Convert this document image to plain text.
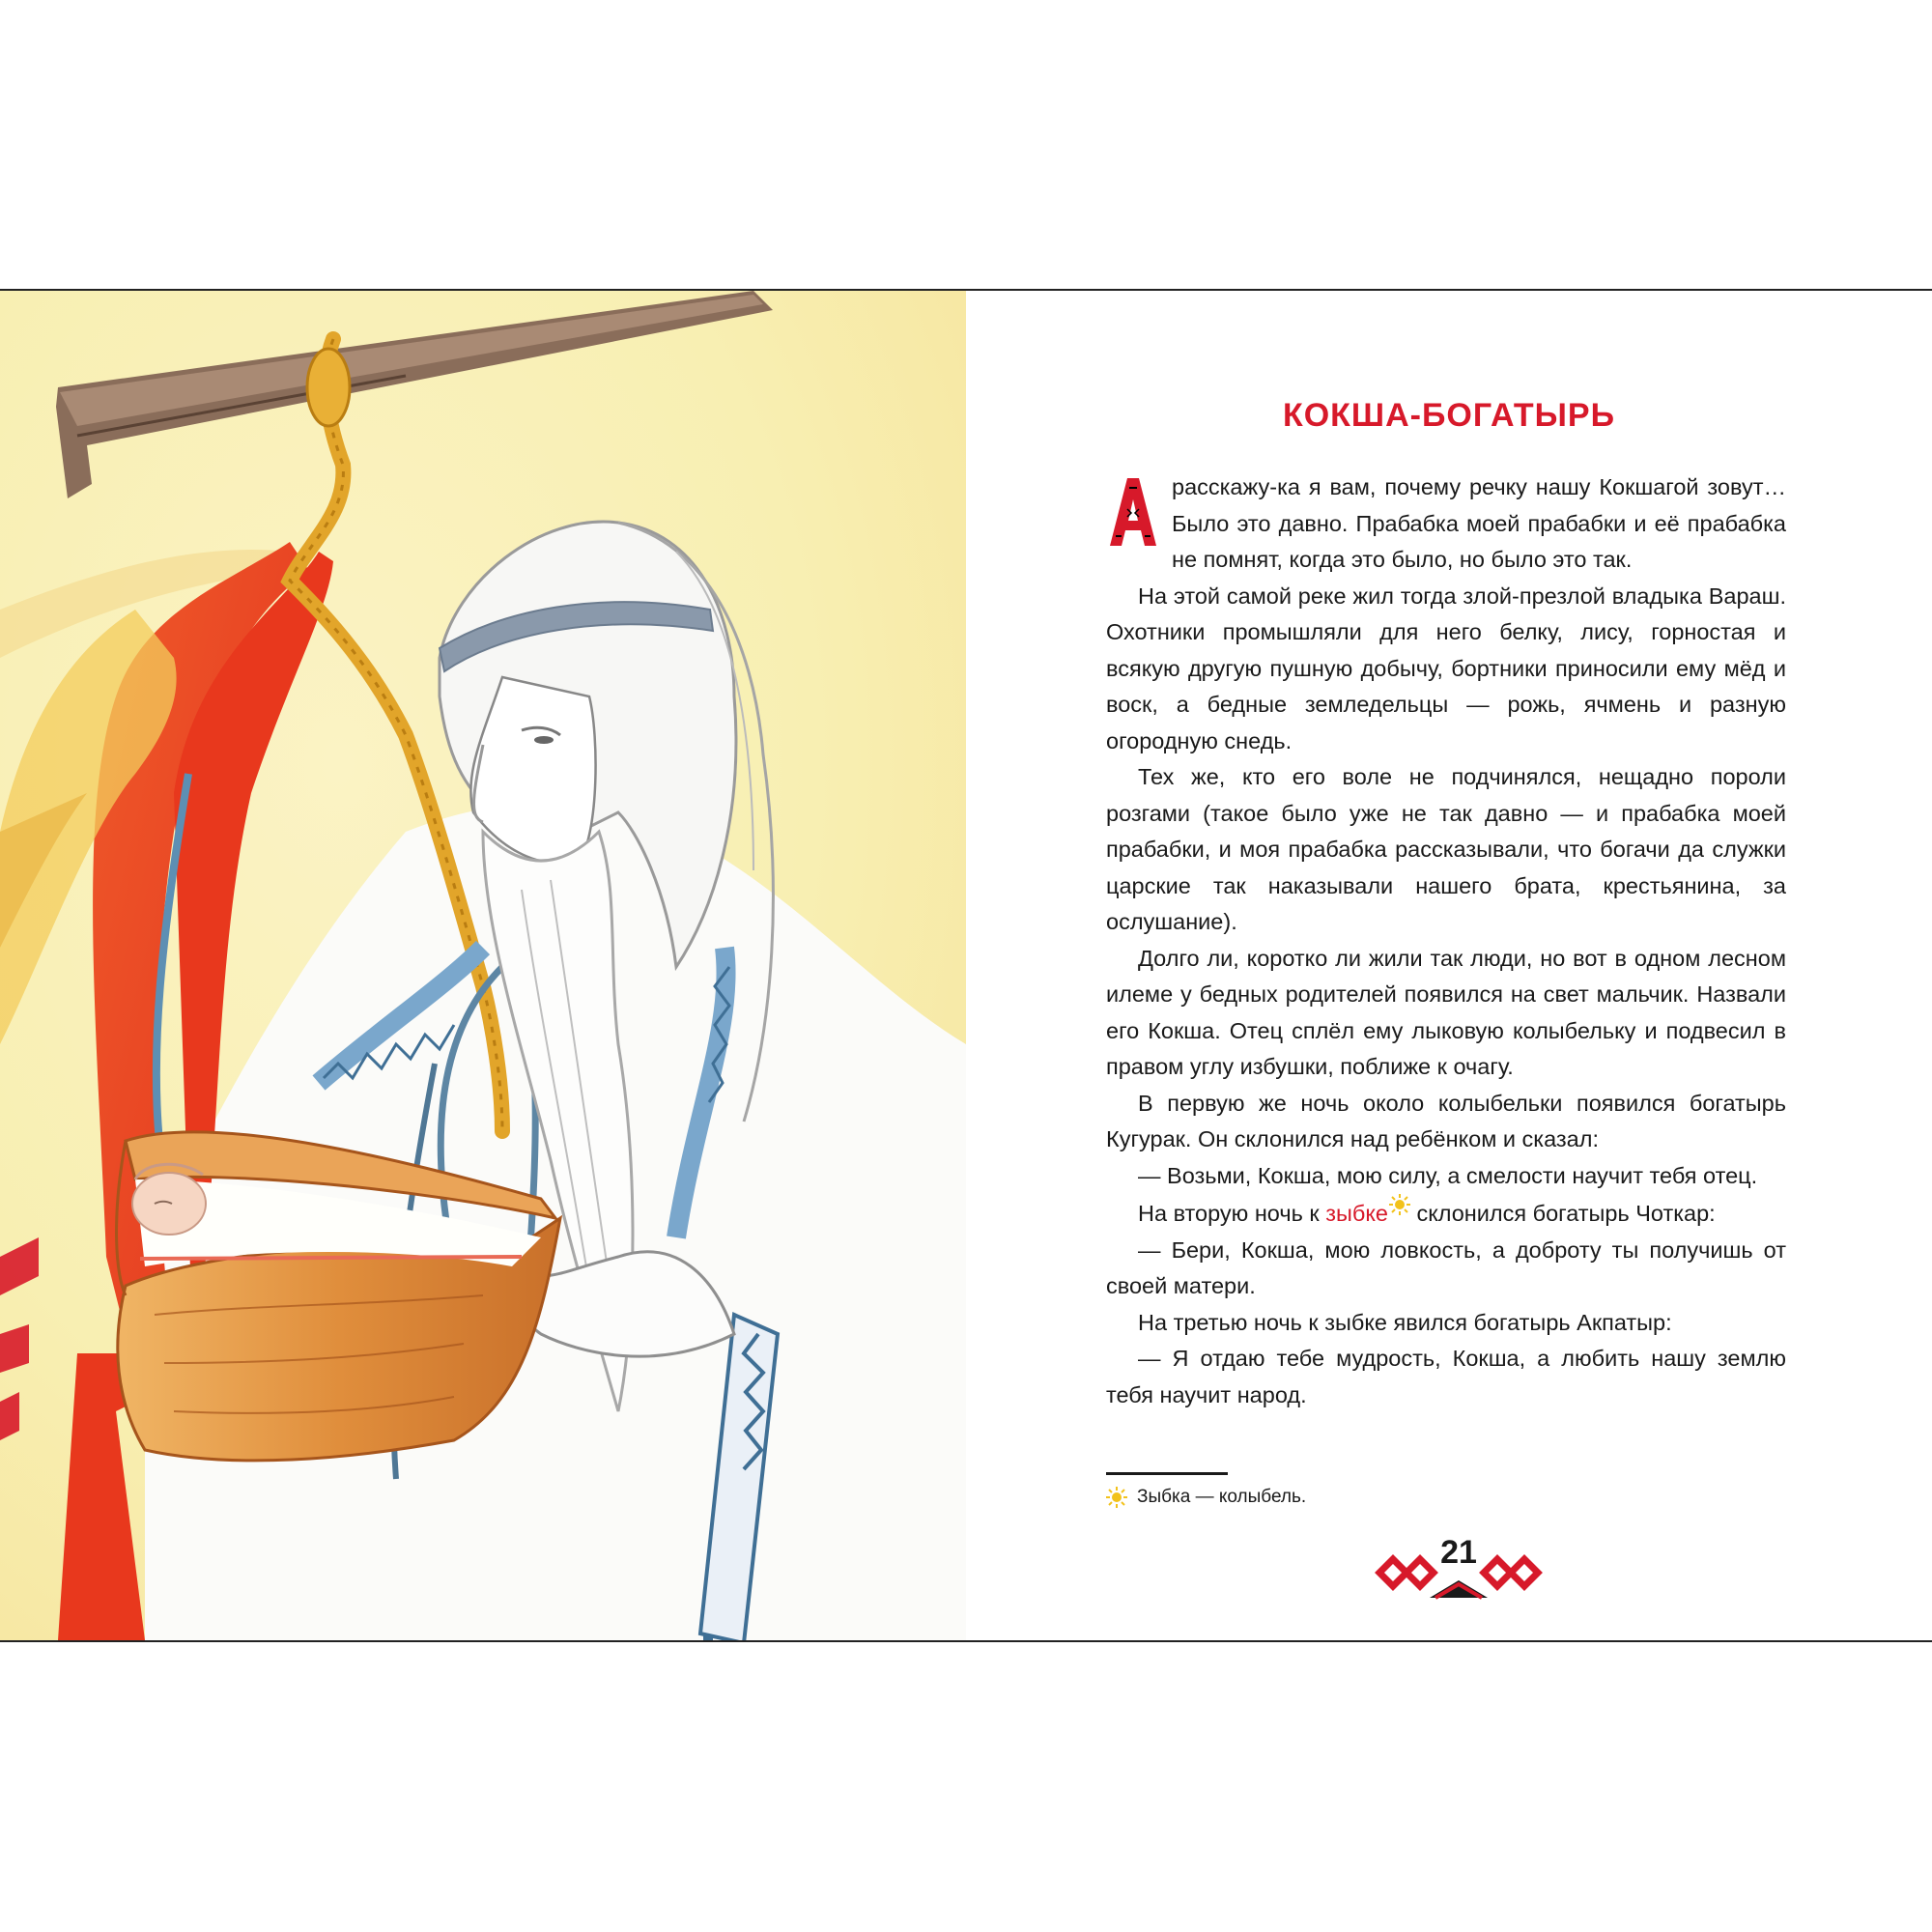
КОКША-БОГАТЫРЬ

А
расскажу-ка я вам, почему речку нашу Кокшагой зовут… Было это давно. Прабабка моей прабабки и её прабабка не помнят, когда это было, но было это так.

На этой самой реке жил тогда злой-презлой владыка Вараш. Охотники промышляли для него белку, лису, горностая и всякую другую пушную добычу, бортники приносили ему мёд и воск, а бедные земледельцы — рожь, ячмень и разную огородную снедь.

Тех же, кто его воле не подчинялся, нещадно пороли розгами (такое было уже не так давно — и прабабка моей прабабки, и моя прабабка рассказывали, что богачи да служки царские так наказывали нашего брата, крестьянина, за ослушание).

Долго ли, коротко ли жили так люди, но вот в одном лесном илеме у бедных родителей появился на свет мальчик. Назвали его Кокша. Отец сплёл ему лыковую колыбельку и подвесил в правом углу избушки, поближе к очагу.

В первую же ночь около колыбельки появился богатырь Кугурак. Он склонился над ребёнком и сказал:

— Возьми, Кокша, мою силу, а смелости научит тебя отец.

На вторую ночь к зыбке склонился богатырь Чоткар:

— Бери, Кокша, мою ловкость, а доброту ты получишь от своей матери.

На третью ночь к зыбке явился богатырь Акпатыр:

— Я отдаю тебе мудрость, Кокша, а любить нашу землю тебя научит народ.

Зыбка — колыбель.
21
